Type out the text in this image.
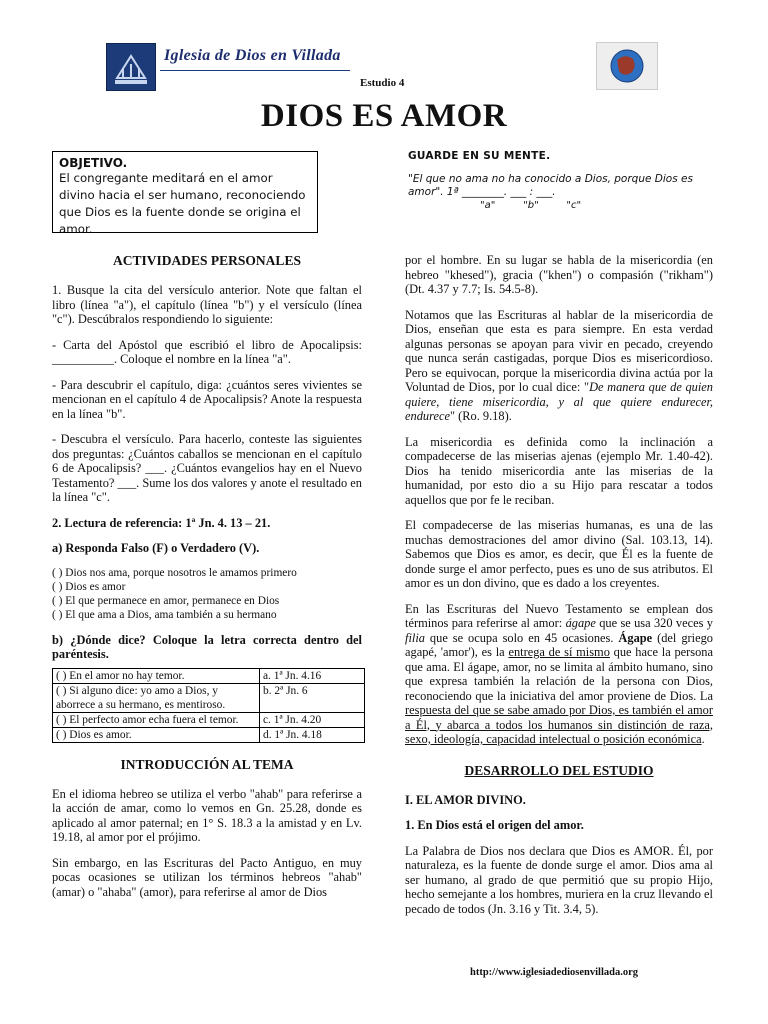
Iglesia de Dios en Villada
Estudio 4
DIOS ES AMOR
OBJETIVO.
El congregante meditará en el amor divino hacia el ser humano, reconociendo que Dios es la fuente donde se origina el amor.
GUARDE EN SU MENTE.
"El que no ama no ha conocido a Dios, porque Dios es amor". 1ª ________. ___ : ___.
"a"	"b"	"c"
ACTIVIDADES PERSONALES

1. Busque la cita del versículo anterior. Note que faltan el libro (línea "a"), el capítulo (línea "b") y el versículo (línea "c"). Descúbralos respondiendo lo siguiente:

- Carta del Apóstol que escribió el libro de Apocalipsis: __________. Coloque el nombre en la línea "a".

- Para descubrir el capítulo, diga: ¿cuántos seres vivientes se mencionan en el capítulo 4 de Apocalipsis? Anote la respuesta en la línea "b".

- Descubra el versículo. Para hacerlo, conteste las siguientes dos preguntas: ¿Cuántos caballos se mencionan en el capítulo 6 de Apocalipsis? ___. ¿Cuántos evangelios hay en el Nuevo Testamento? ___. Sume los dos valores y anote el resultado en la línea "c".

2. Lectura de referencia: 1ª Jn. 4. 13 – 21.

a) Responda Falso (F) o Verdadero (V).

( ) Dios nos ama, porque nosotros le amamos primero
( ) Dios es amor
( ) El que permanece en amor, permanece en Dios
( ) El que ama a Dios, ama también a su hermano

b) ¿Dónde dice? Coloque la letra correcta dentro del paréntesis.

( ) En el amor no hay temor.	a. 1ª Jn. 4.16
( ) Si alguno dice: yo amo a Dios, y aborrece a su hermano, es mentiroso.	b. 2ª Jn. 6
( ) El perfecto amor echa fuera el temor.	c. 1ª Jn. 4.20
( ) Dios es amor.	d. 1ª Jn. 4.18
INTRODUCCIÓN AL TEMA

En el idioma hebreo se utiliza el verbo "ahab" para referirse a la acción de amar, como lo vemos en Gn. 25.28, donde es aplicado al amor paternal; en 1° S. 18.3 a la amistad y en Lv. 19.18, al amor por el prójimo.

Sin embargo, en las Escrituras del Pacto Antiguo, en muy pocas ocasiones se utilizan los términos hebreos "ahab" (amar) o "ahaba" (amor), para referirse al amor de Dios

por el hombre. En su lugar se habla de la misericordia (en hebreo "khesed"), gracia ("khen") o compasión ("rikham") (Dt. 4.37 y 7.7; Is. 54.5-8).

Notamos que las Escrituras al hablar de la misericordia de Dios, enseñan que esta es para siempre. En esta verdad algunas personas se apoyan para vivir en pecado, creyendo que nunca serán castigadas, porque Dios es misericordioso. Pero se equivocan, porque la misericordia divina actúa por la Voluntad de Dios, por lo cual dice: "De manera que de quien quiere, tiene misericordia, y al que quiere endurecer, endurece" (Ro. 9.18).

La misericordia es definida como la inclinación a compadecerse de las miserias ajenas (ejemplo Mr. 1.40-42). Dios ha tenido misericordia ante las miserias de la humanidad, por esto dio a su Hijo para rescatar a todos aquellos que por fe le reciban.

El compadecerse de las miserias humanas, es una de las muchas demostraciones del amor divino (Sal. 103.13, 14). Sabemos que Dios es amor, es decir, que Él es la fuente de donde surge el amor perfecto, pues es uno de sus atributos. El amor es un don divino, que es dado a los creyentes.

En las Escrituras del Nuevo Testamento se emplean dos términos para referirse al amor: ágape que se usa 320 veces y filia que se ocupa solo en 45 ocasiones. Ágape (del griego agapé, 'amor'), es la entrega de sí mismo que hace la persona que ama. El ágape, amor, no se limita al ámbito humano, sino que expresa también la relación de la persona con Dios, reconociendo que la iniciativa del amor proviene de Dios. La respuesta del que se sabe amado por Dios, es también el amor a Él, y abarca a todos los humanos sin distinción de raza, sexo, ideología, capacidad intelectual o posición económica.

DESARROLLO DEL ESTUDIO

I. EL AMOR DIVINO.

1. En Dios está el origen del amor.

La Palabra de Dios nos declara que Dios es AMOR. Él, por naturaleza, es la fuente de donde surge el amor. Dios ama al ser humano, al grado de que permitió que su propio Hijo, hecho semejante a los hombres, muriera en la cruz llevando el pecado de todos (Jn. 3.16 y Tit. 3.4, 5).

http://www.iglesiadediosenvillada.org
